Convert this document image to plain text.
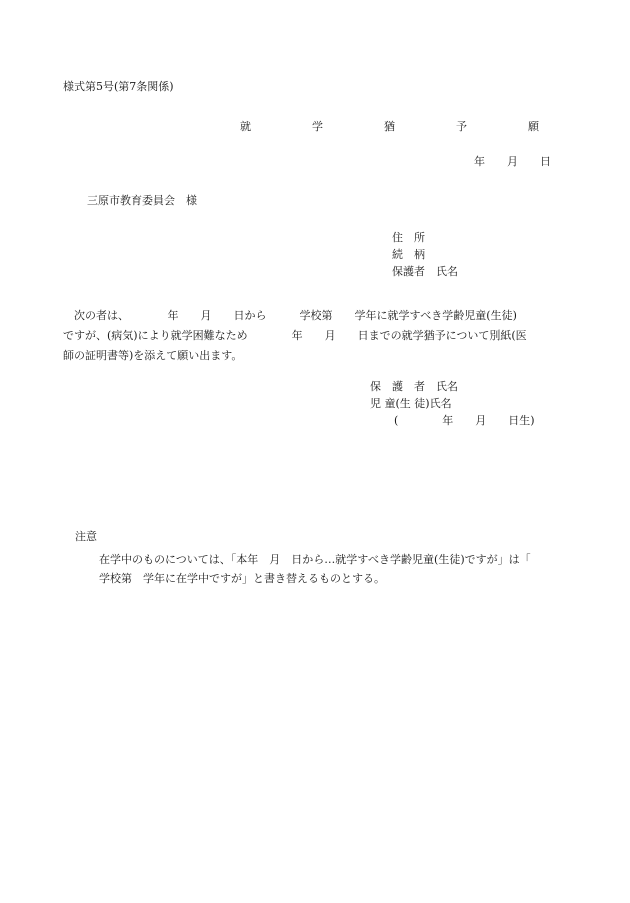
様式第5号(第7条関係)
就　学　猶　予　願
年　　月　　日
三原市教育委員会　様
住　所
続　柄
保護者　氏名
次の者は、　　　　年　　月　　日から　　　学校第　　学年に就学すべき学齢児童(生徒)
ですが、(病気)により就学困難なため　　　　年　　月　　日までの就学猶予について別紙(医
師の証明書等)を添えて願い出ます。
保　護　者　氏名
児 童(生 徒)氏名
(　　　　年　　月　　日生)
注意
在学中のものについては、「本年　月　日から…就学すべき学齢児童(生徒)ですが」は「
学校第　学年に在学中ですが」と書き替えるものとする。
